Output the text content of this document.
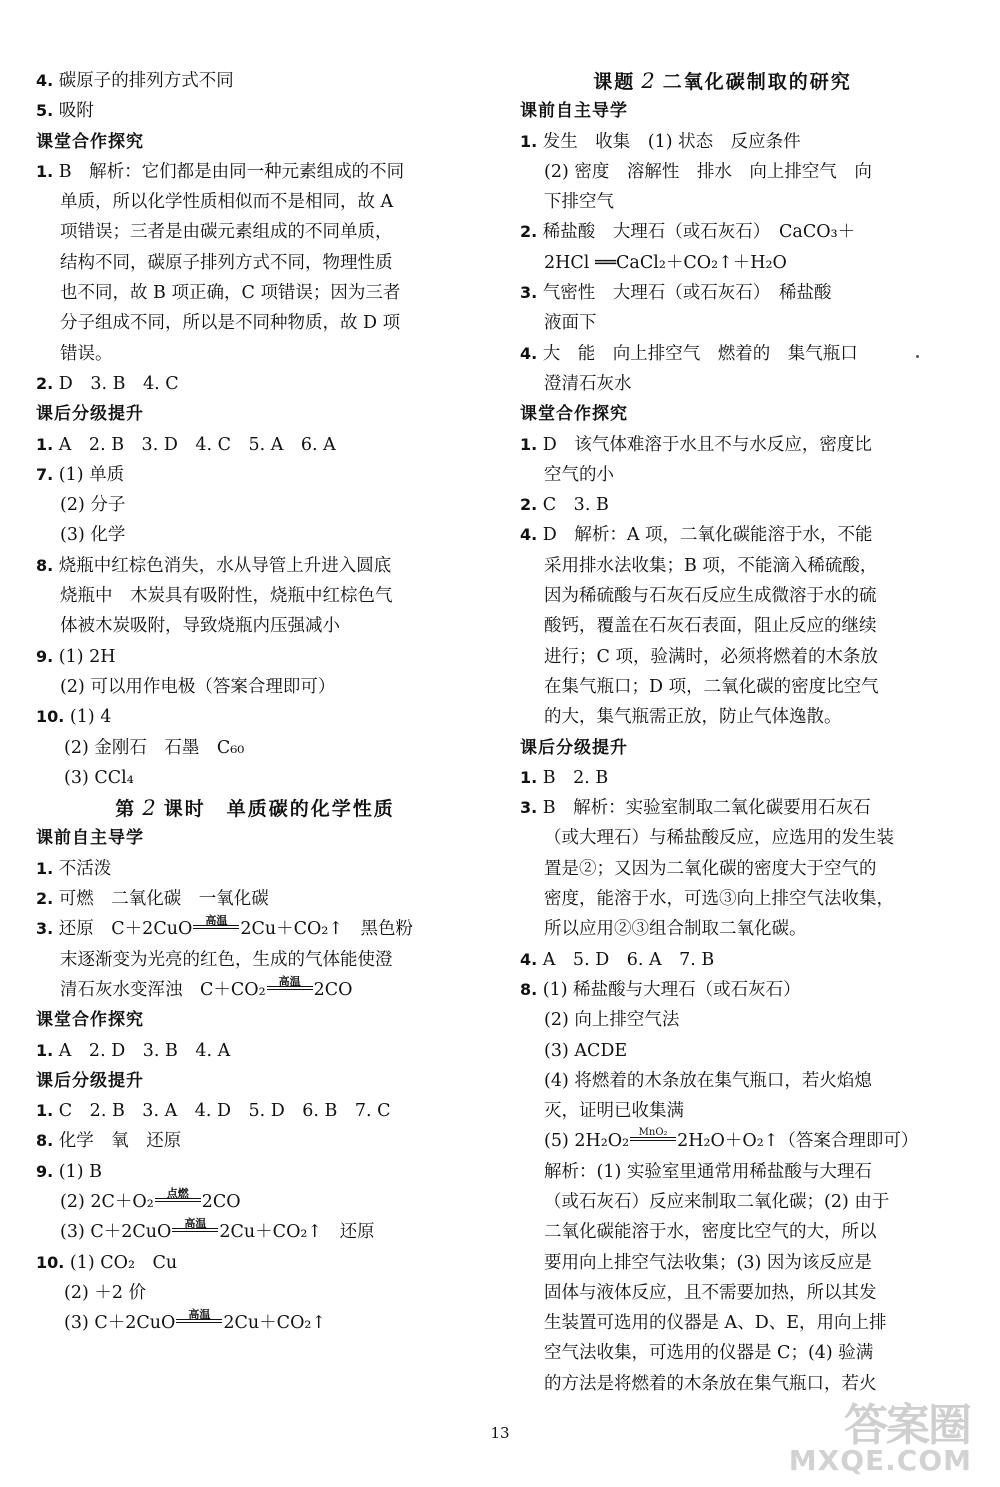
4. 碳原子的排列方式不同
5. 吸附
课堂合作探究
1. B　解析：它们都是由同一种元素组成的不同
单质，所以化学性质相似而不是相同，故 A
项错误；三者是由碳元素组成的不同单质，
结构不同，碳原子排列方式不同，物理性质
也不同，故 B 项正确，C 项错误；因为三者
分子组成不同，所以是不同种物质，故 D 项
错误。
2. D　3. B　4. C
课后分级提升
1. A　2. B　3. D　4. C　5. A　6. A
7. (1) 单质
(2) 分子
(3) 化学
8. 烧瓶中红棕色消失，水从导管上升进入圆底
烧瓶中　木炭具有吸附性，烧瓶中红棕色气
体被木炭吸附，导致烧瓶内压强减小
9. (1) 2H
(2) 可以用作电极（答案合理即可）
10. (1) 4
(2) 金刚石　石墨　C₆₀
(3) CCl₄
第 2 课时　单质碳的化学性质
课前自主导学
1. 不活泼
2. 可燃　二氧化碳　一氧化碳
3. 还原　C＋2CuO	高温 2Cu＋CO₂↑　黑色粉
末逐渐变为光亮的红色，生成的气体能使澄
清石灰水变浑浊　C＋CO₂	高温 2CO
课堂合作探究
1. A　2. D　3. B　4. A
课后分级提升
1. C　2. B　3. A　4. D　5. D　6. B　7. C
8. 化学　氧　还原
9. (1) B
(2) 2C＋O₂	点燃 2CO
(3) C＋2CuO	高温 2Cu＋CO₂↑　还原
10. (1) CO₂　Cu
(2) ＋2 价
(3) C＋2CuO	高温 2Cu＋CO₂↑
课题 2 二氧化碳制取的研究
课前自主导学
1. 发生　收集　(1) 状态　反应条件
(2) 密度　溶解性　排水　向上排空气　向
下排空气
2. 稀盐酸　大理石（或石灰石）　CaCO₃＋
2HCl ══CaCl₂＋CO₂↑＋H₂O
3. 气密性　大理石（或石灰石）　稀盐酸
液面下
4. 大　能　向上排空气　燃着的　集气瓶口
澄清石灰水
课堂合作探究
1. D　该气体难溶于水且不与水反应，密度比
空气的小
2. C　3. B
4. D　解析：A 项，二氧化碳能溶于水，不能
采用排水法收集；B 项，不能滴入稀硫酸，
因为稀硫酸与石灰石反应生成微溶于水的硫
酸钙，覆盖在石灰石表面，阻止反应的继续
进行；C 项，验满时，必须将燃着的木条放
在集气瓶口；D 项，二氧化碳的密度比空气
的大，集气瓶需正放，防止气体逸散。
课后分级提升
1. B　2. B
3. B　解析：实验室制取二氧化碳要用石灰石
（或大理石）与稀盐酸反应，应选用的发生装
置是②；又因为二氧化碳的密度大于空气的
密度，能溶于水，可选③向上排空气法收集，
所以应用②③组合制取二氧化碳。
4. A　5. D　6. A　7. B
8. (1) 稀盐酸与大理石（或石灰石）
(2) 向上排空气法
(3) ACDE
(4) 将燃着的木条放在集气瓶口，若火焰熄
灭，证明已收集满
(5) 2H₂O₂ MnO₂ 2H₂O＋O₂↑（答案合理即可）
解析：(1) 实验室里通常用稀盐酸与大理石
（或石灰石）反应来制取二氧化碳；(2) 由于
二氧化碳能溶于水，密度比空气的大，所以
要用向上排空气法收集；(3) 因为该反应是
固体与液体反应，且不需要加热，所以其发
生装置可选用的仪器是 A、D、E，用向上排
空气法收集，可选用的仪器是 C；(4) 验满
的方法是将燃着的木条放在集气瓶口，若火
13	答案圈
MXQE.COM
